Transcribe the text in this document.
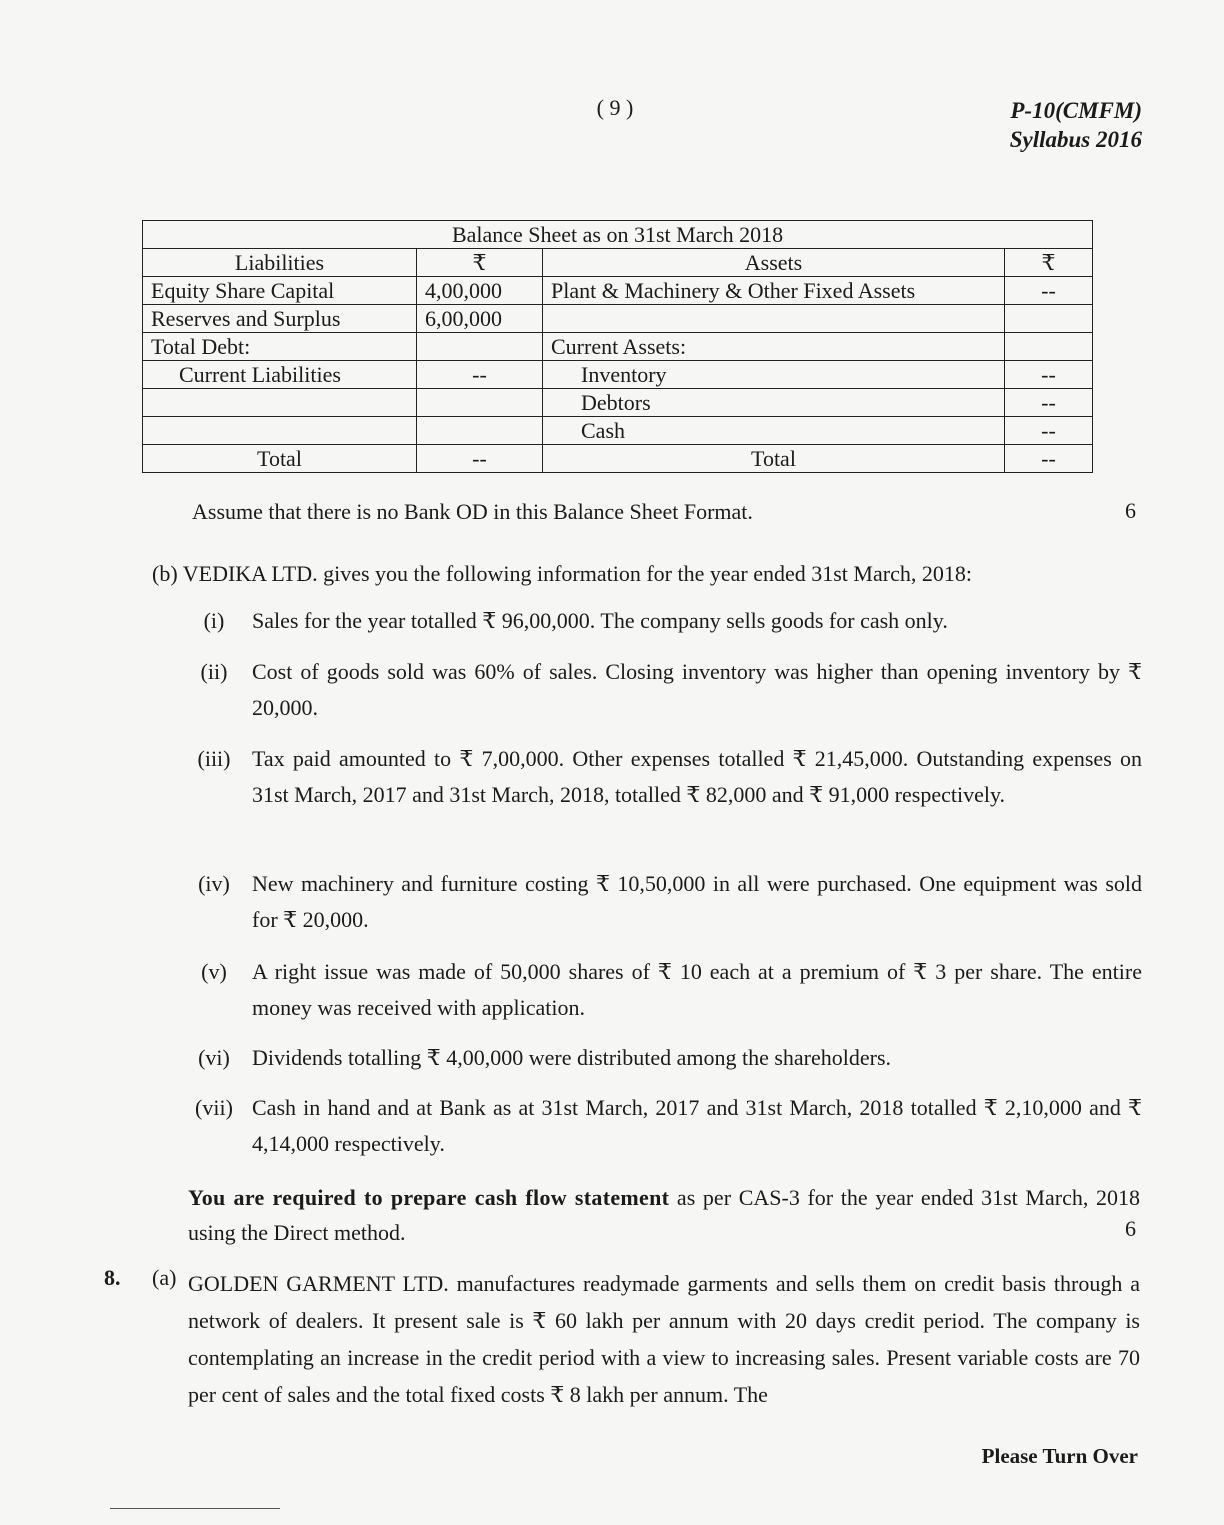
( 9 )	P-10(CMFM)
Syllabus 2016
Balance Sheet as on 31st March 2018			
Liabilities	₹	Assets	₹
Equity Share Capital	4,00,000	Plant & Machinery & Other Fixed Assets	--
Reserves and Surplus	6,00,000		
Total Debt:		Current Assets:	
Current Liabilities	--	Inventory	--
		Debtors	--
		Cash	--
Total	--	Total	--
Assume that there is no Bank OD in this Balance Sheet Format.	6
(b) VEDIKA LTD. gives you the following information for the year ended 31st March, 2018:
(i)	Sales for the year totalled ₹ 96,00,000. The company sells goods for cash only.
(ii)	Cost of goods sold was 60% of sales. Closing inventory was higher than opening inventory by ₹ 20,000.
(iii) Tax paid amounted to ₹ 7,00,000. Other expenses totalled ₹ 21,45,000. Outstanding expenses on 31st March, 2017 and 31st March, 2018, totalled ₹ 82,000 and ₹ 91,000 respectively.
(iv)	New machinery and furniture costing ₹ 10,50,000 in all were purchased. One equipment was sold for ₹ 20,000.
(v)	A right issue was made of 50,000 shares of ₹ 10 each at a premium of ₹ 3 per share. The entire money was received with application.
(vi)	Dividends totalling ₹ 4,00,000 were distributed among the shareholders.
(vii) Cash in hand and at Bank as at 31st March, 2017 and 31st March, 2018 totalled ₹ 2,10,000 and ₹ 4,14,000 respectively.
You are required to prepare cash flow statement as per CAS-3 for the year ended 31st March, 2018 using the Direct method.	6
8. (a) GOLDEN GARMENT LTD. manufactures readymade garments and sells them on credit basis through a network of dealers. It present sale is ₹ 60 lakh per annum with 20 days credit period. The company is contemplating an increase in the credit period with a view to increasing sales. Present variable costs are 70 per cent of sales and the total fixed costs ₹ 8 lakh per annum. The
Please Turn Over
